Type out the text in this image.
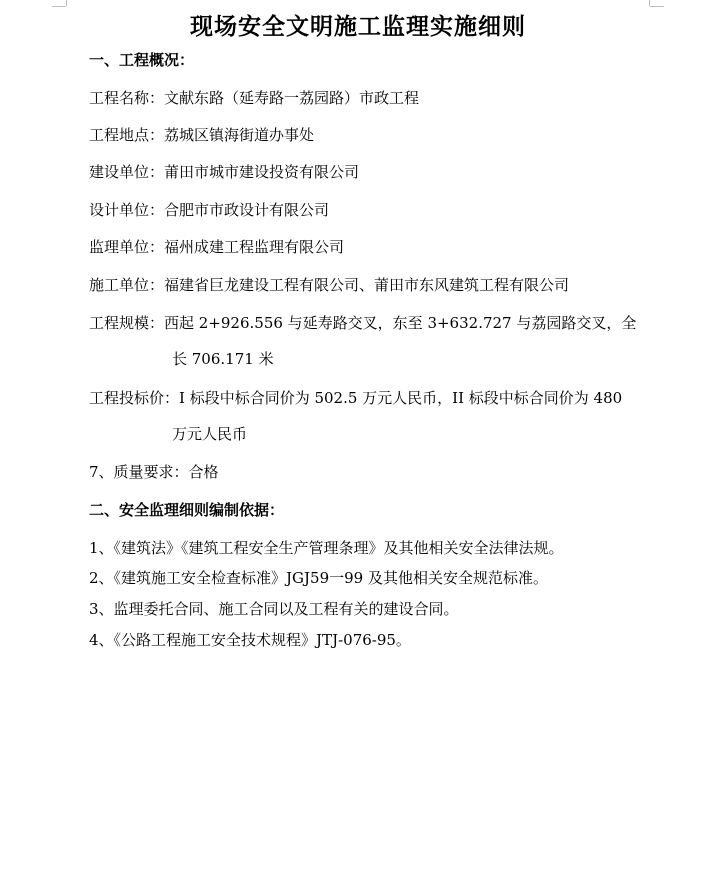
现场安全文明施工监理实施细则
一、工程概况：
工程名称：文献东路（延寿路一荔园路）市政工程
工程地点：荔城区镇海街道办事处
建设单位：莆田市城市建设投资有限公司
设计单位：合肥市市政设计有限公司
监理单位：福州成建工程监理有限公司
施工单位：福建省巨龙建设工程有限公司、莆田市东风建筑工程有限公司
工程规模：西起 2+926.556 与延寿路交叉，东至 3+632.727 与荔园路交叉，全
长 706.171 米
工程投标价：I 标段中标合同价为 502.5 万元人民币，II 标段中标合同价为 480
万元人民币
7、质量要求：合格
二、安全监理细则编制依据：
1、《建筑法》《建筑工程安全生产管理条理》及其他相关安全法律法规。
2、《建筑施工安全检查标准》JGJ59一99 及其他相关安全规范标准。
3、监理委托合同、施工合同以及工程有关的建设合同。
4、《公路工程施工安全技术规程》JTJ-076-95。
